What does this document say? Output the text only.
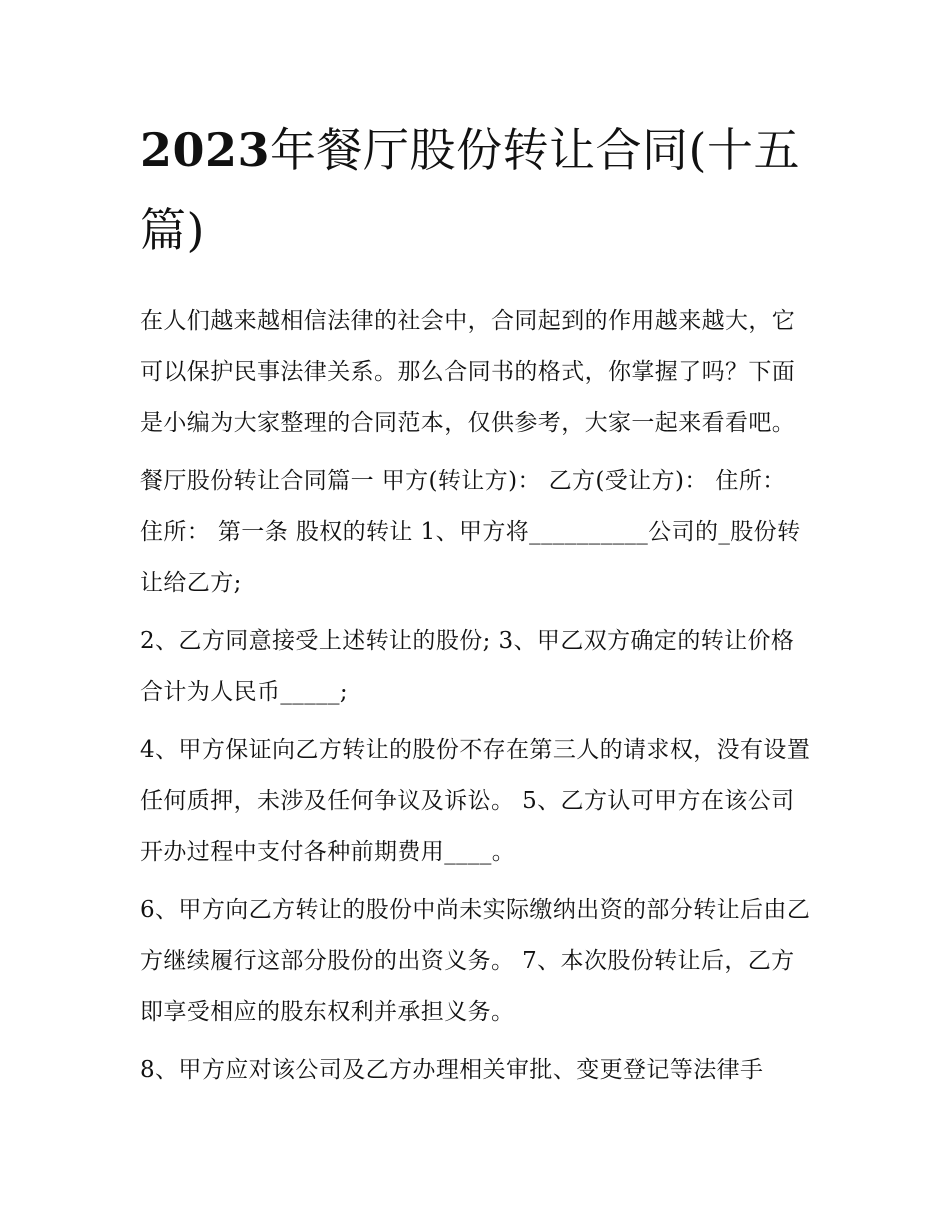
2023年餐厅股份转让合同(十五篇)

在人们越来越相信法律的社会中，合同起到的作用越来越大，它可以保护民事法律关系。那么合同书的格式，你掌握了吗？下面是小编为大家整理的合同范本，仅供参考，大家一起来看看吧。

餐厅股份转让合同篇一 甲方(转让方)： 乙方(受让方)： 住所： 住所： 第一条 股权的转让 1、甲方将__________公司的_股份转让给乙方;

2、乙方同意接受上述转让的股份; 3、甲乙双方确定的转让价格合计为人民币_____;

4、甲方保证向乙方转让的股份不存在第三人的请求权，没有设置任何质押，未涉及任何争议及诉讼。 5、乙方认可甲方在该公司开办过程中支付各种前期费用____。

6、甲方向乙方转让的股份中尚未实际缴纳出资的部分转让后由乙方继续履行这部分股份的出资义务。 7、本次股份转让后，乙方即享受相应的股东权利并承担义务。

8、甲方应对该公司及乙方办理相关审批、变更登记等法律手
